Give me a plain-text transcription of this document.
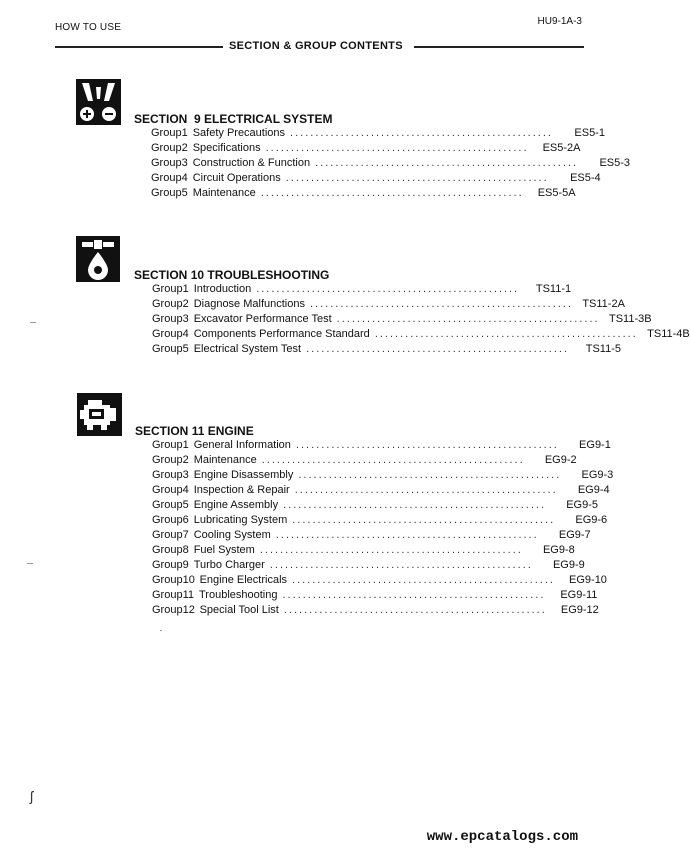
HOW TO USE
HU9-1A-3
SECTION & GROUP CONTENTS
SECTION 9 ELECTRICAL SYSTEM
Group 1 Safety Precautions ....................................................	ES5-1
Group 2 Specifications ....................................................	ES5-2A
Group 3 Construction & Function ....................................................	ES5-3
Group 4 Circuit Operations ....................................................	ES5-4
Group 5 Maintenance ....................................................	ES5-5A
SECTION 10 TROUBLESHOOTING
Group 1 Introduction ....................................................	TS11-1
Group 2 Diagnose Malfunctions .................................................... TS11-2A
Group 3 Excavator Performance Test .................................................... TS11-3B
Group 4 Components Performance Standard .................................................... TS11-4B
Group 5 Electrical System Test ....................................................	TS11-5
SECTION 11 ENGINE
Group 1 General Information ....................................................	EG9-1
Group 2 Maintenance ....................................................	EG9-2
Group 3 Engine Disassembly ....................................................	EG9-3
Group 4 Inspection & Repair ....................................................	EG9-4
Group 5 Engine Assembly ....................................................	EG9-5
Group 6 Lubricating System ....................................................	EG9-6
Group 7 Cooling System ....................................................	EG9-7
Group 8 Fuel System ....................................................	EG9-8
Group 9 Turbo Charger ....................................................	EG9-9
Group 10 Engine Electricals ....................................................	EG9-10
Group 11 Troubleshooting ....................................................	EG9-11
Group 12 Special Tool List ....................................................	EG9-12
ʃ
www.epcatalogs.com
